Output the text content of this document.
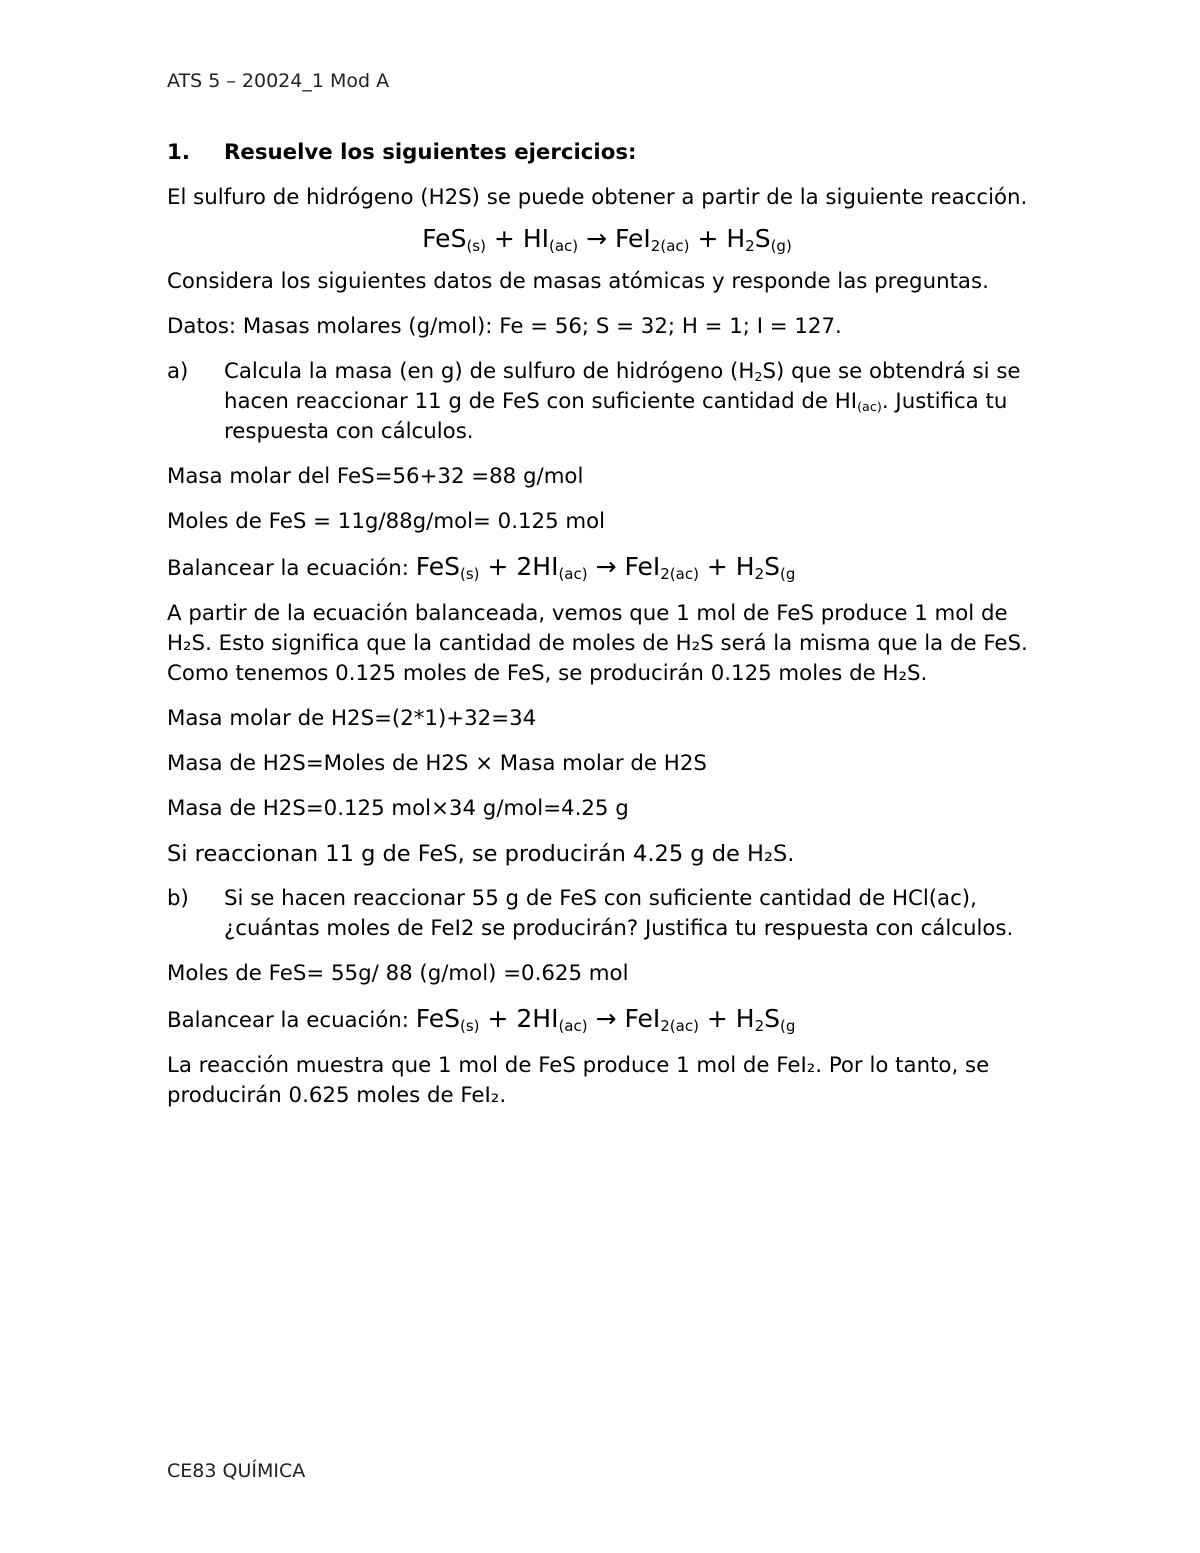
ATS 5 – 20024_1 Mod A

1.	Resuelve los siguientes ejercicios:

El sulfuro de hidrógeno (H2S) se puede obtener a partir de la siguiente reacción.

$FeS_{(s)} + HI_{(ac)} \to FeI_{2(ac)} + H_2S_{(g)}$

Considera los siguientes datos de masas atómicas y responde las preguntas.

Datos: Masas molares (g/mol): Fe = 56; S = 32; H = 1; I = 127.

a)	Calcula la masa (en g) de sulfuro de hidrógeno $(H_2S)$ que se obtendrá si se hacen reaccionar 11 g de FeS con suficiente cantidad de $HI_{(ac)}$. Justifica tu respuesta con cálculos.

Masa molar del FeS=56+32 =88 g/mol

Moles de FeS = 11g/88g/mol= 0.125 mol

Balancear la ecuación: $FeS_{(s)} + 2HI_{(ac)} \to FeI_{2(ac)} + H_2S_{(g}$

A partir de la ecuación balanceada, vemos que 1 mol de FeS produce 1 mol de H₂S. Esto significa que la cantidad de moles de H₂S será la misma que la de FeS. Como tenemos 0.125 moles de FeS, se producirán 0.125 moles de H₂S.

Masa molar de H2S=(2*1)+32=34

Masa de H2S=Moles de H2S × Masa molar de H2S

Masa de H2S=0.125 mol×34 g/mol=4.25 g

Si reaccionan 11 g de FeS, se producirán 4.25 g de H₂S.

b)	Si se hacen reaccionar 55 g de FeS con suficiente cantidad de HCl(ac), ¿cuántas moles de FeI2 se producirán? Justifica tu respuesta con cálculos.

Moles de FeS= 55g/ 88 (g/mol) =0.625 mol

Balancear la ecuación: $FeS_{(s)} + 2HI_{(ac)} \to FeI_{2(ac)} + H_2S_{(g}$

La reacción muestra que 1 mol de FeS produce 1 mol de FeI₂. Por lo tanto, se producirán 0.625 moles de FeI₂.

CE83 QUÍMICA
